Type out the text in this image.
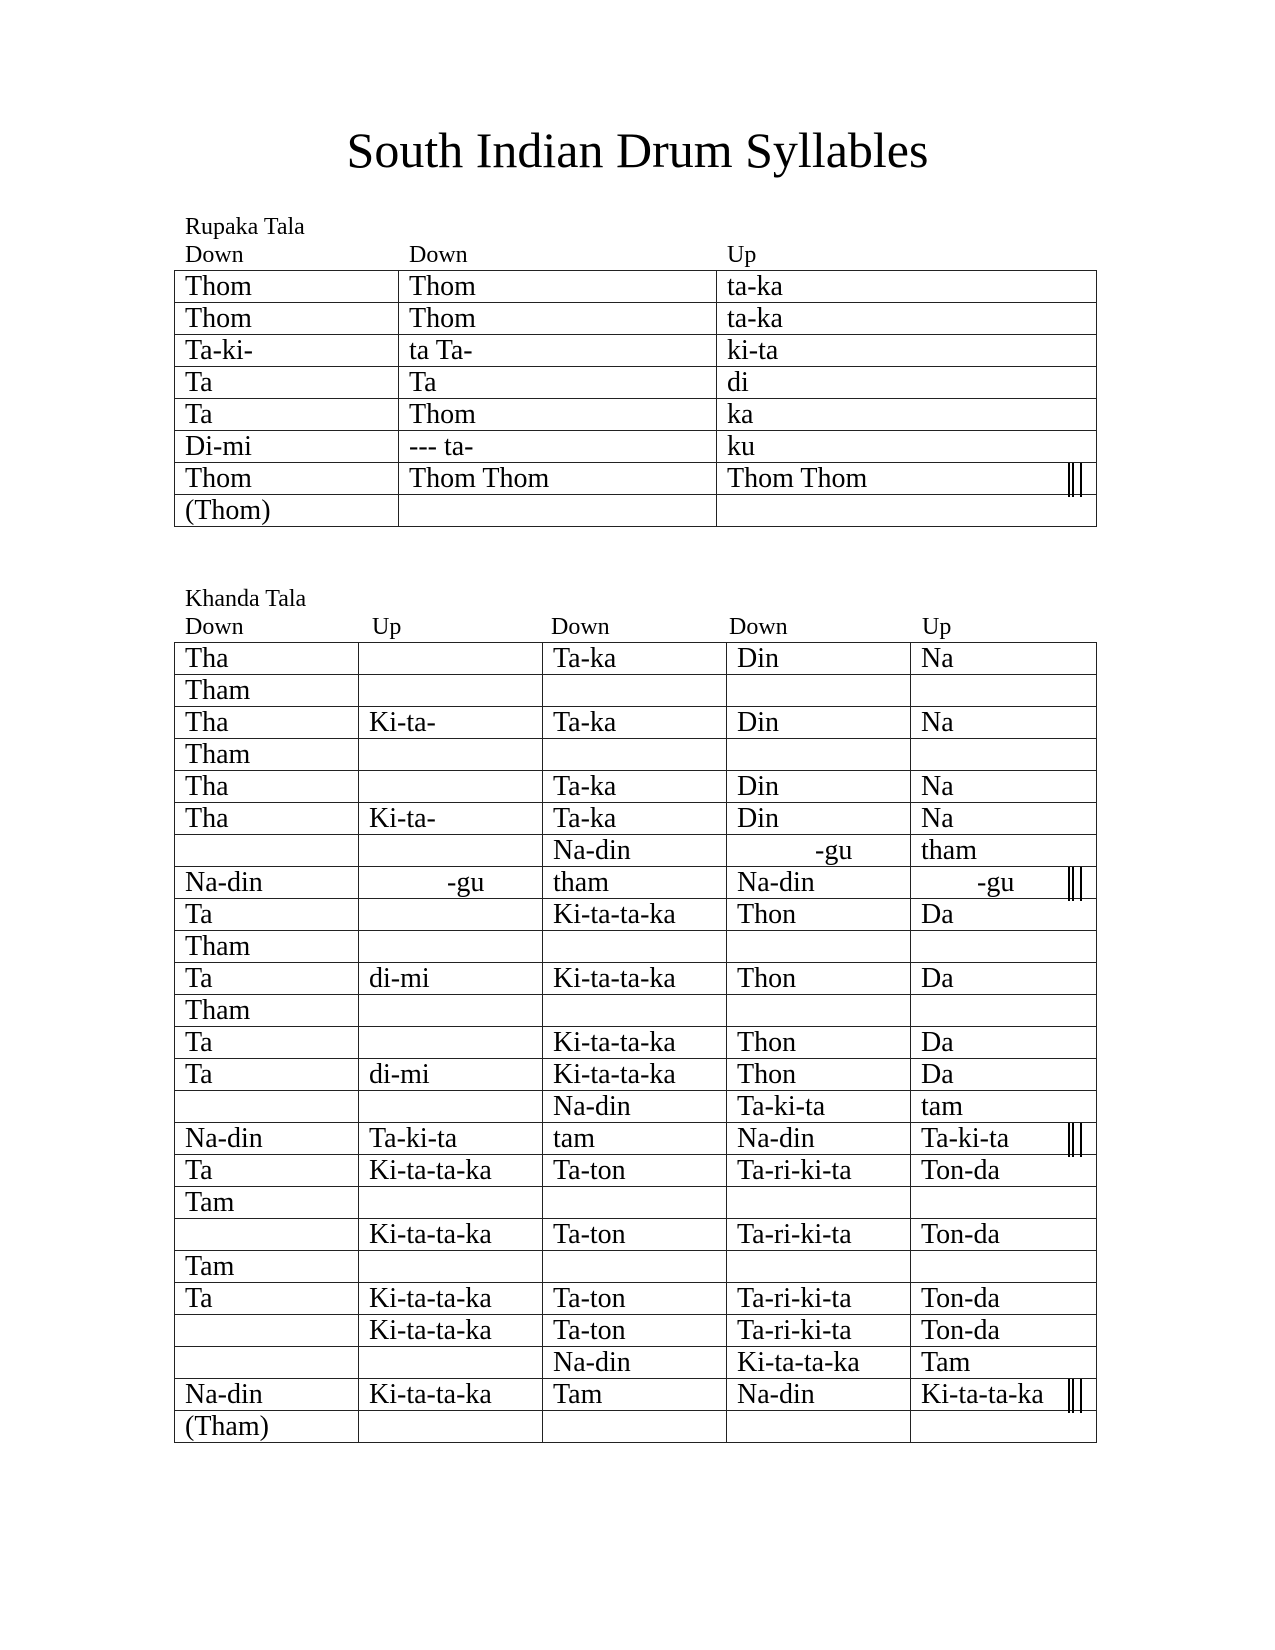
South Indian Drum Syllables
Rupaka Tala
Down	Down	Up
Thom	Thom	ta-ka
Thom	Thom	ta-ka
Ta-ki-	ta Ta-	ki-ta
Ta	Ta	di
Ta	Thom	ka
Di-mi	--- ta-	ku
Thom	Thom Thom	Thom Thom

(Thom)		
Khanda Tala
Down	Up	Down	Down	Up
Tha		Ta-ka	Din	Na
Tham				
Tha	Ki-ta-	Ta-ka	Din	Na
Tham				
Tha		Ta-ka	Din	Na
Tha	Ki-ta-	Ta-ka	Din	Na
		Na-din	-gu	tham
Na-din	-gu	tham	Na-din	-gu

Ta		Ki-ta-ta-ka	Thon	Da
Tham				
Ta	di-mi	Ki-ta-ta-ka	Thon	Da
Tham				
Ta		Ki-ta-ta-ka	Thon	Da
Ta	di-mi	Ki-ta-ta-ka	Thon	Da
		Na-din	Ta-ki-ta	tam
Na-din	Ta-ki-ta	tam	Na-din	Ta-ki-ta

Ta	Ki-ta-ta-ka	Ta-ton	Ta-ri-ki-ta	Ton-da
Tam				
	Ki-ta-ta-ka	Ta-ton	Ta-ri-ki-ta	Ton-da
Tam				
Ta	Ki-ta-ta-ka	Ta-ton	Ta-ri-ki-ta	Ton-da
	Ki-ta-ta-ka	Ta-ton	Ta-ri-ki-ta	Ton-da
		Na-din	Ki-ta-ta-ka	Tam
Na-din	Ki-ta-ta-ka	Tam	Na-din	Ki-ta-ta-ka

(Tham)				
